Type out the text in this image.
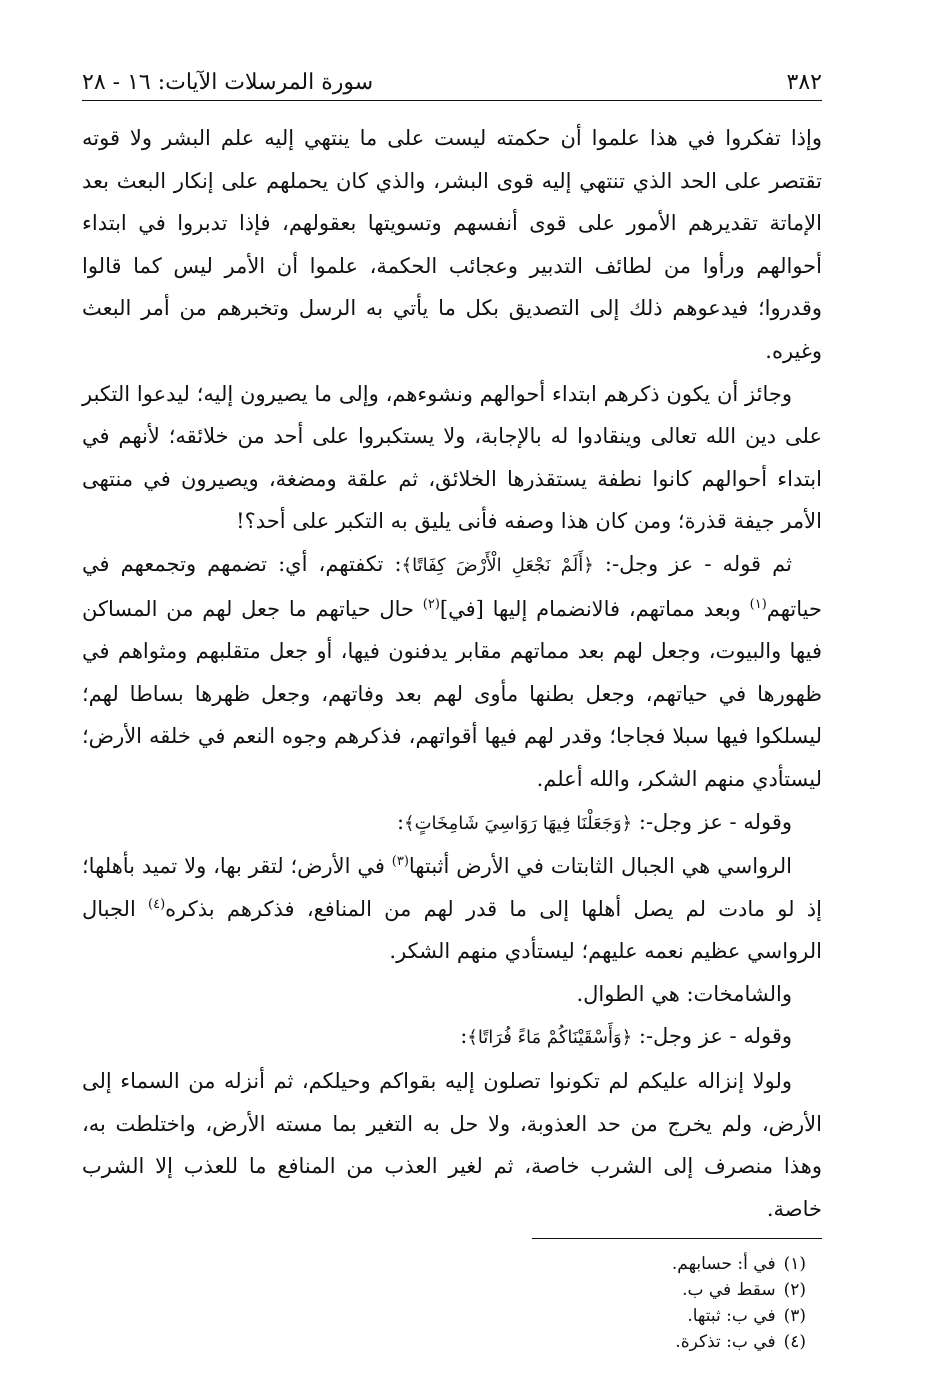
٣٨٢
سورة المرسلات الآيات: ١٦ - ٢٨

وإذا تفكروا في هذا علموا أن حكمته ليست على ما ينتهي إليه علم البشر ولا قوته تقتصر على الحد الذي تنتهي إليه قوى البشر، والذي كان يحملهم على إنكار البعث بعد الإماتة تقديرهم الأمور على قوى أنفسهم وتسويتها بعقولهم، فإذا تدبروا في ابتداء أحوالهم ورأوا من لطائف التدبير وعجائب الحكمة، علموا أن الأمر ليس كما قالوا وقدروا؛ فيدعوهم ذلك إلى التصديق بكل ما يأتي به الرسل وتخبرهم من أمر البعث وغيره.

وجائز أن يكون ذكرهم ابتداء أحوالهم ونشوءهم، وإلى ما يصيرون إليه؛ ليدعوا التكبر على دين الله تعالى وينقادوا له بالإجابة، ولا يستكبروا على أحد من خلائقه؛ لأنهم في ابتداء أحوالهم كانوا نطفة يستقذرها الخلائق، ثم علقة ومضغة، ويصيرون في منتهى الأمر جيفة قذرة؛ ومن كان هذا وصفه فأنى يليق به التكبر على أحد؟!

ثم قوله - عز وجل-: ﴿أَلَمْ نَجْعَلِ الْأَرْضَ كِفَاتًا﴾: تكفتهم، أي: تضمهم وتجمعهم في حياتهم$^{(١)}$ وبعد مماتهم، فالانضمام إليها [في]$^{(٢)}$ حال حياتهم ما جعل لهم من المساكن فيها والبيوت، وجعل لهم بعد مماتهم مقابر يدفنون فيها، أو جعل متقلبهم ومثواهم في ظهورها في حياتهم، وجعل بطنها مأوى لهم بعد وفاتهم، وجعل ظهرها بساطا لهم؛ ليسلكوا فيها سبلا فجاجا؛ وقدر لهم فيها أقواتهم، فذكرهم وجوه النعم في خلقه الأرض؛ ليستأدي منهم الشكر، والله أعلم.

وقوله - عز وجل-: ﴿وَجَعَلْنَا فِيهَا رَوَاسِيَ شَامِخَاتٍ﴾:

الرواسي هي الجبال الثابتات في الأرض أثبتها$^{(٣)}$ في الأرض؛ لتقر بها، ولا تميد بأهلها؛ إذ لو مادت لم يصل أهلها إلى ما قدر لهم من المنافع، فذكرهم بذكره$^{(٤)}$ الجبال الرواسي عظيم نعمه عليهم؛ ليستأدي منهم الشكر.

والشامخات: هي الطوال.

وقوله - عز وجل-: ﴿وَأَسْقَيْنَاكُمْ مَاءً فُرَاتًا﴾:

ولولا إنزاله عليكم لم تكونوا تصلون إليه بقواكم وحيلكم، ثم أنزله من السماء إلى الأرض، ولم يخرج من حد العذوبة، ولا حل به التغير بما مسته الأرض، واختلطت به، وهذا منصرف إلى الشرب خاصة، ثم لغير العذب من المنافع ما للعذب إلا الشرب خاصة.

(١)
في أ: حسابهم.
(٢)
سقط في ب.
(٣)
في ب: ثبتها.
(٤)
في ب: تذكرة.
